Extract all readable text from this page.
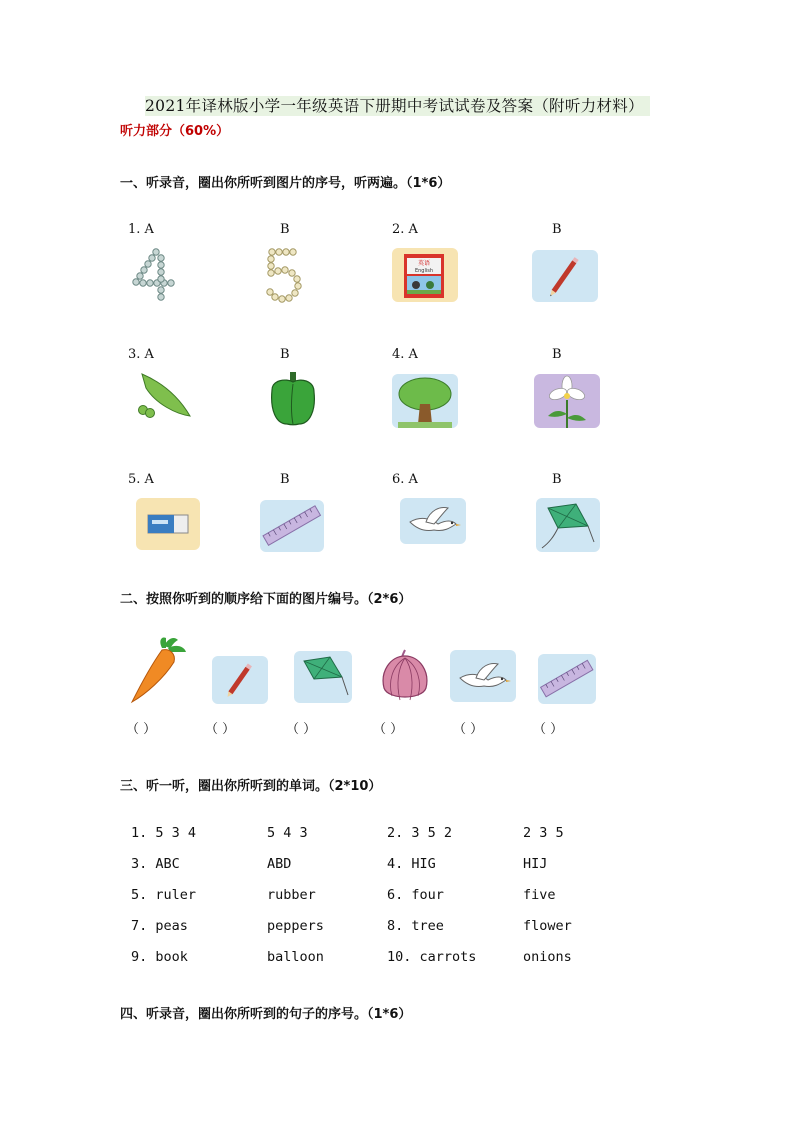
2021年译林版小学一年级英语下册期中考试试卷及答案（附听力材料）
听力部分（60%）
一、听录音，圈出你所听到图片的序号，听两遍。（1*6）
1. A	B	2. A	B
英语
English
3. A	B	4. A	B
5. A	B	6. A	B
二、按照你听到的顺序给下面的图片编号。（2*6）
（ ）	（ ）	（ ）	（ ）	（ ）	（ ）
三、听一听，圈出你所听到的单词。（2*10）
1. 5 3 4	5 4 3	2. 3 5 2	2 3 5
3. ABC	ABD	4. HIG	HIJ
5. ruler	rubber	6. four	five
7. peas	peppers	8. tree	flower
9. book	balloon	10. carrots	onions
四、听录音，圈出你所听到的句子的序号。（1*6）
